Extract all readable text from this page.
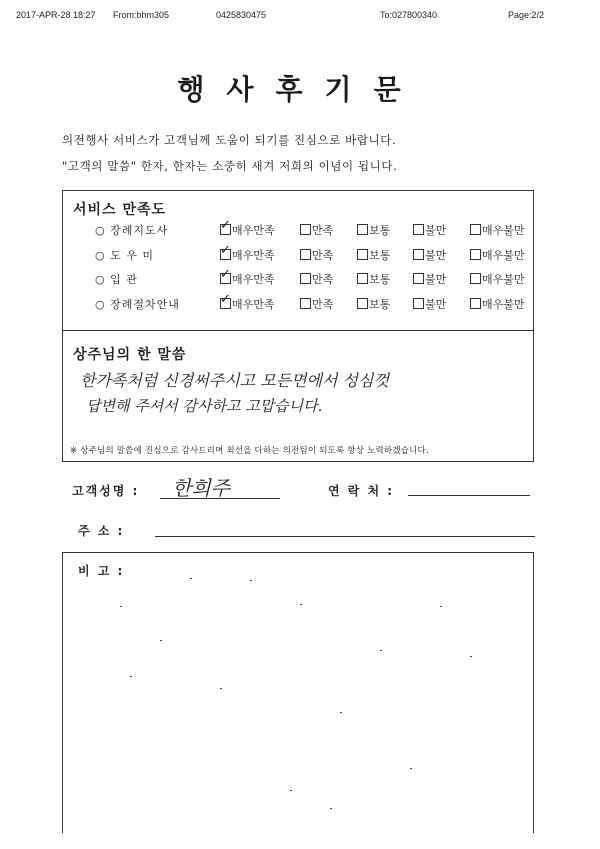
2017-APR-28 18:27 From:bhm305	0425830475	To:027800340	Page:2/2
행사후기문
의전행사 서비스가 고객님께 도움이 되기를 진심으로 바랍니다.
"고객의 말씀" 한자, 한자는 소중히 새겨 저희의 이념이 됩니다.
서비스 만족도
○ 장례지도사	✓ 매우만족	만족	보통	불만	매우불만
○ 도 우 미	✓ 매우만족	만족	보통	불만	매우불만
○ 입 관	✓ 매우만족	만족	보통	불만	매우불만
○ 장례절차안내	✓ 매우만족	만족	보통	불만	매우불만
상주님의 한 말씀
한가족처럼 신경써주시고 모든면에서 성심껏
답변해 주셔서 감사하고 고맙습니다.
※ 상주님의 말씀에 진심으로 감사드리며 최선을 다하는 의전팀이 되도록 항상 노력하겠습니다.
고객성명 : 한희주	연 락 처 :
주 소 :
비 고 :
